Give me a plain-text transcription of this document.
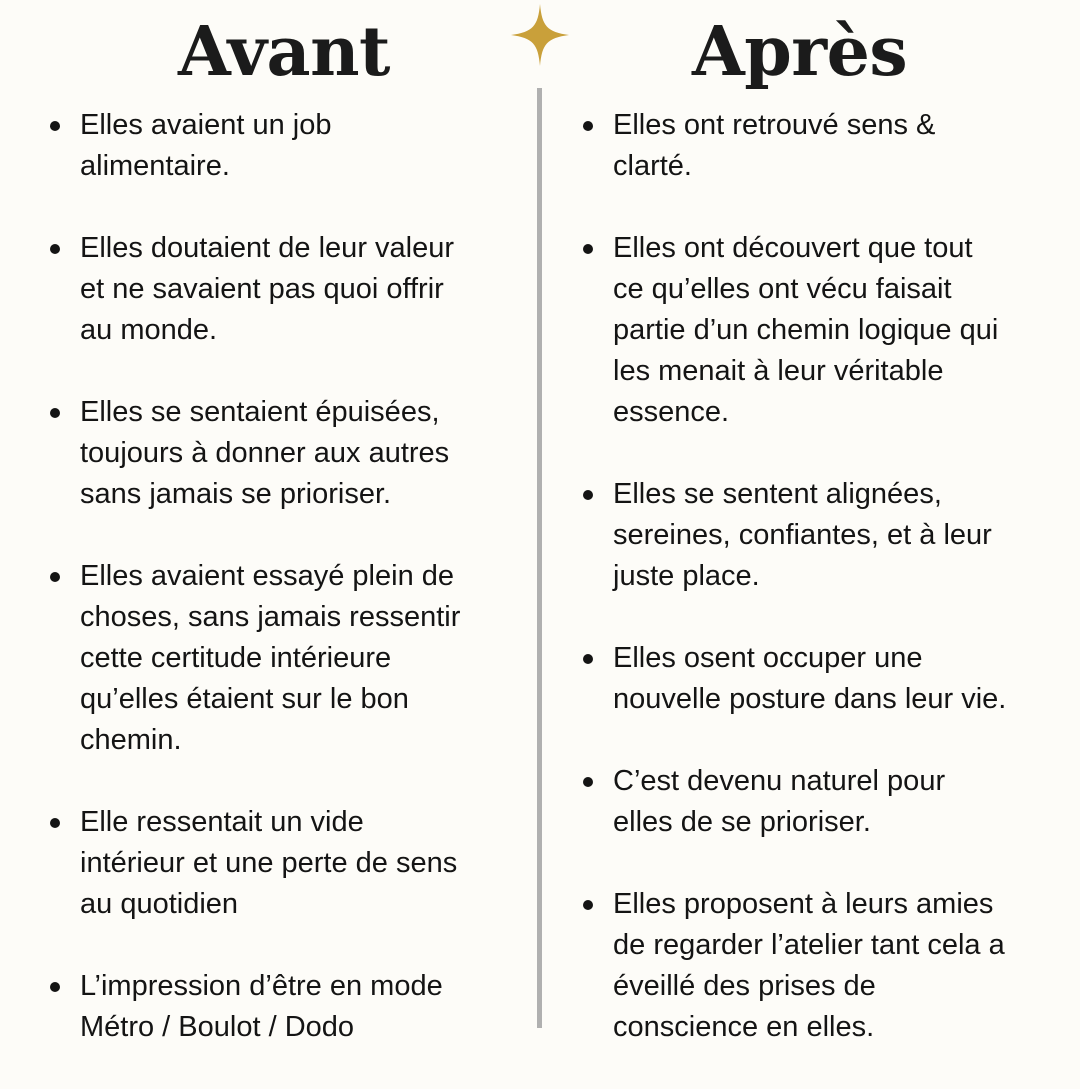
Avant	Après
Elles avaient un job
alimentaire.
Elles doutaient de leur valeur
et ne savaient pas quoi offrir
au monde.
Elles se sentaient épuisées,
toujours à donner aux autres
sans jamais se prioriser.
Elles avaient essayé plein de
choses, sans jamais ressentir
cette certitude intérieure
qu’elles étaient sur le bon
chemin.
Elle ressentait un vide
intérieur et une perte de sens
au quotidien
L’impression d’être en mode
Métro / Boulot / Dodo
Elles ont retrouvé sens &
clarté.
Elles ont découvert que tout
ce qu’elles ont vécu faisait
partie d’un chemin logique qui
les menait à leur véritable
essence.
Elles se sentent alignées,
sereines, confiantes, et à leur
juste place.
Elles osent occuper une
nouvelle posture dans leur vie.
C’est devenu naturel pour
elles de se prioriser.
Elles proposent à leurs amies
de regarder l’atelier tant cela a
éveillé des prises de
conscience en elles.
